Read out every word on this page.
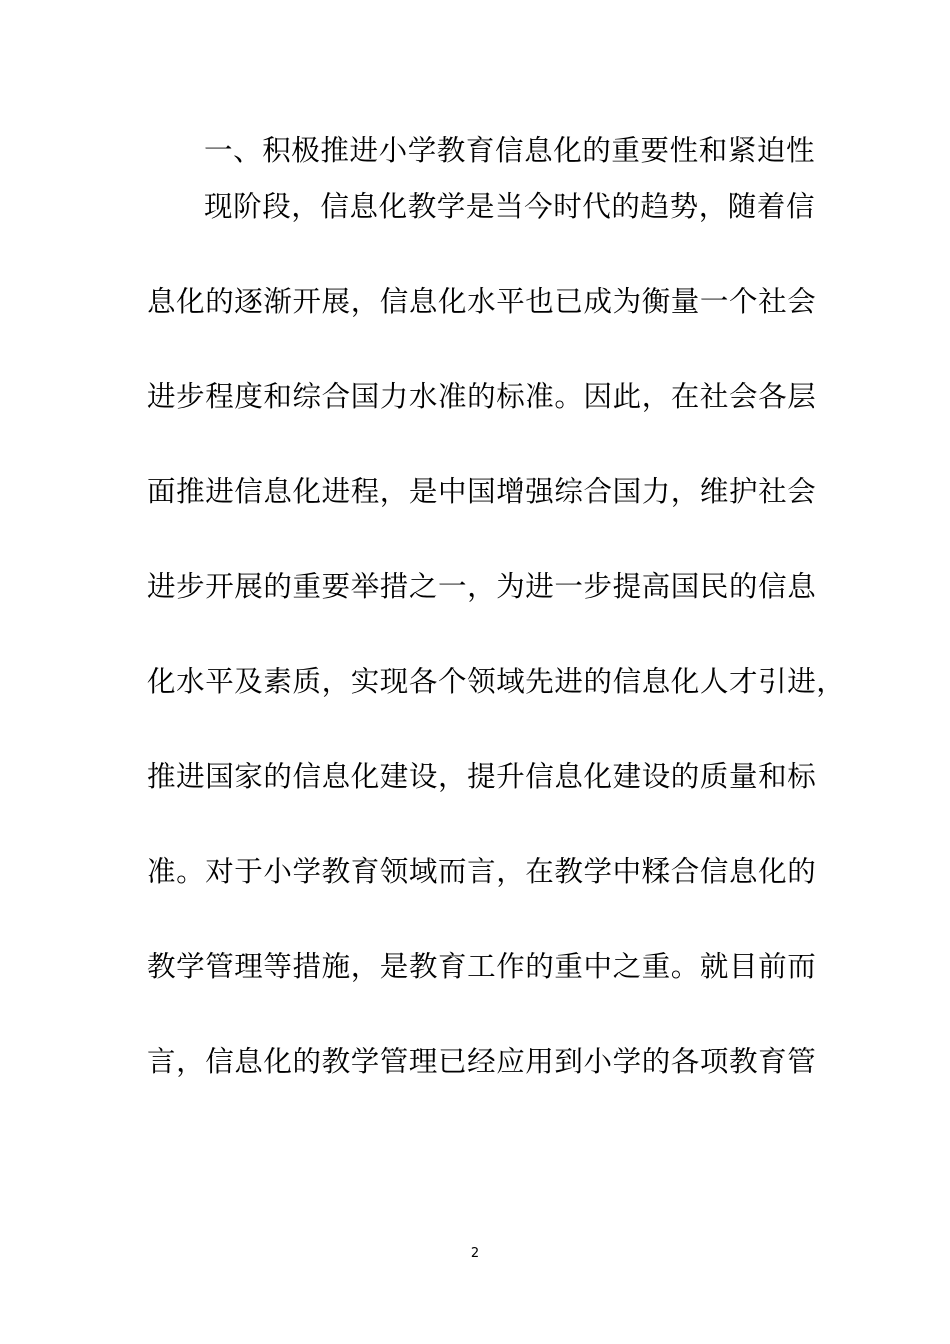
一、积极推进小学教育信息化的重要性和紧迫性
现阶段，信息化教学是当今时代的趋势，随着信
息化的逐渐开展，信息化水平也已成为衡量一个社会
进步程度和综合国力水准的标准。因此，在社会各层
面推进信息化进程，是中国增强综合国力，维护社会
进步开展的重要举措之一，为进一步提高国民的信息
化水平及素质，实现各个领域先进的信息化人才引进，
推进国家的信息化建设，提升信息化建设的质量和标
准。对于小学教育领域而言，在教学中糅合信息化的
教学管理等措施，是教育工作的重中之重。就目前而
言，信息化的教学管理已经应用到小学的各项教育管
2
